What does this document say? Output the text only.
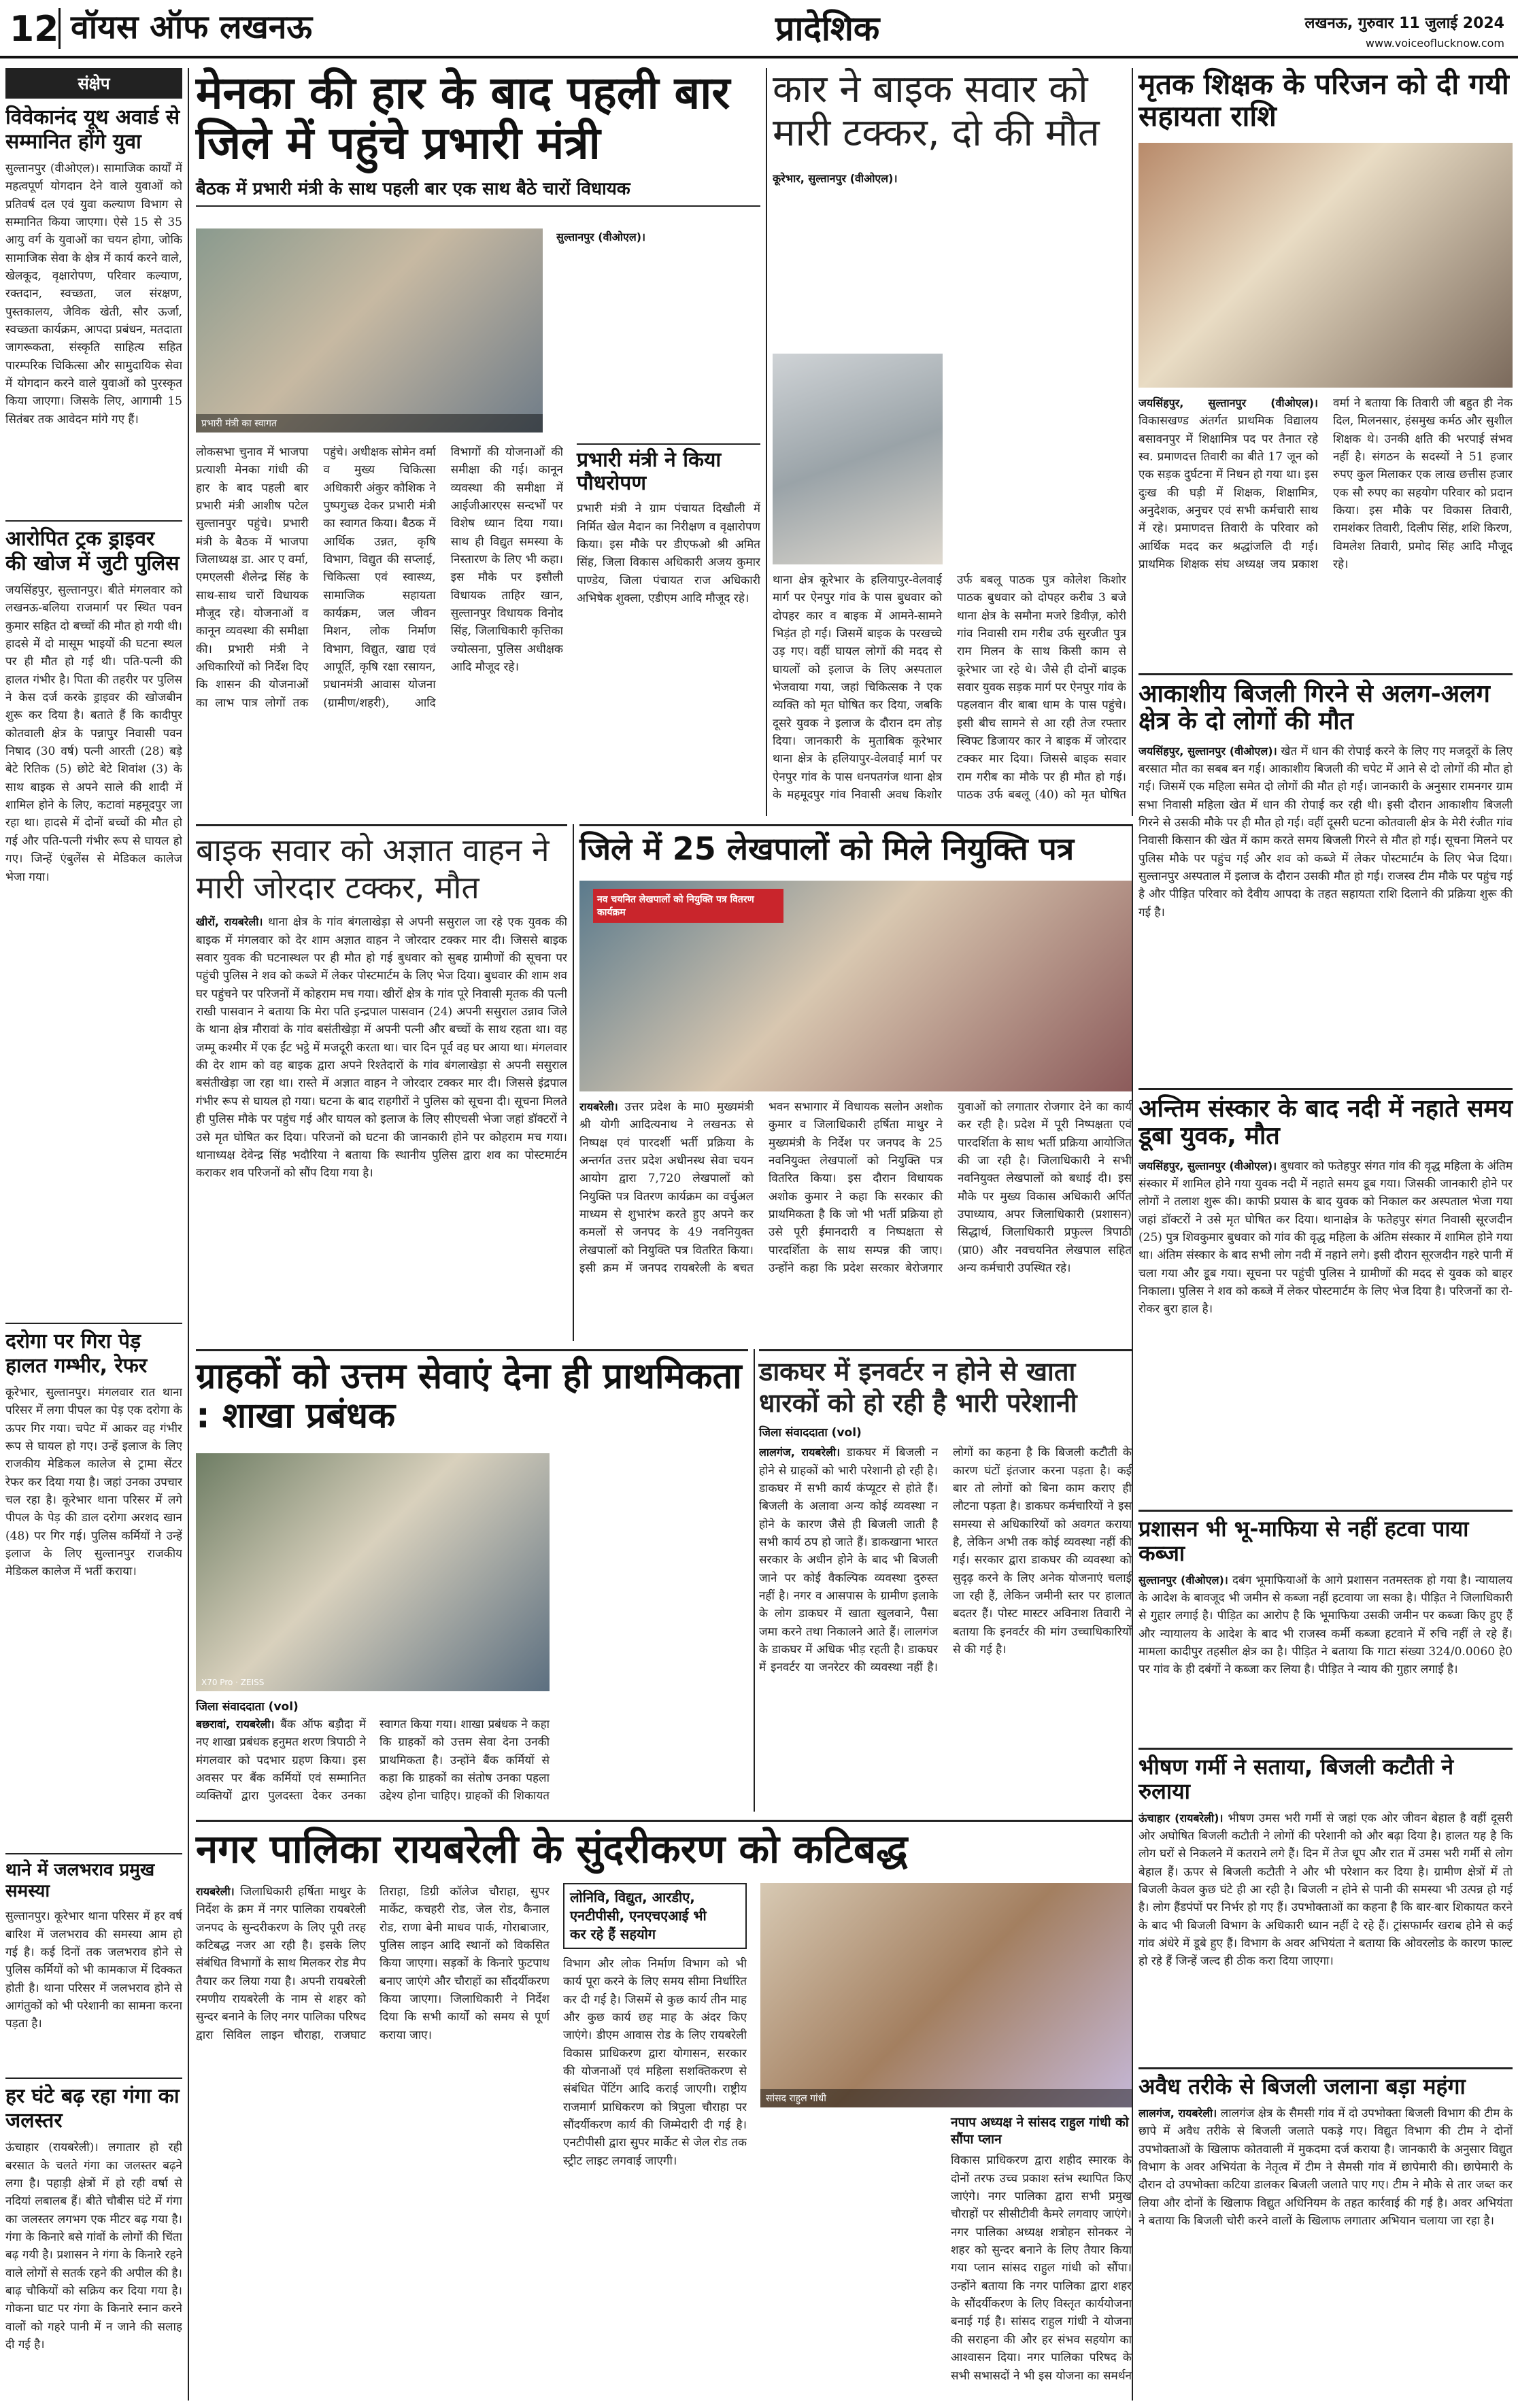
12 वॉयस ऑफ लखनऊ	प्रादेशिक	लखनऊ, गुरुवार 11 जुलाई 2024
www.voiceoflucknow.com
संक्षेप
विवेकानंद यूथ अवार्ड से सम्मानित होंगे युवा
सुल्तानपुर (वीओएल)। सामाजिक कार्यों में महत्वपूर्ण योगदान देने वाले युवाओं को प्रतिवर्ष दल एवं युवा कल्याण विभाग से सम्मानित किया जाएगा। ऐसे 15 से 35 आयु वर्ग के युवाओं का चयन होगा, जोकि सामाजिक सेवा के क्षेत्र में कार्य करने वाले, खेलकूद, वृक्षारोपण, परिवार कल्याण, रक्तदान, स्वच्छता, जल संरक्षण, पुस्तकालय, जैविक खेती, सौर ऊर्जा, स्वच्छता कार्यक्रम, आपदा प्रबंधन, मतदाता जागरूकता, संस्कृति साहित्य सहित पारम्परिक चिकित्सा और सामुदायिक सेवा में योगदान करने वाले युवाओं को पुरस्कृत किया जाएगा। जिसके लिए, आगामी 15 सितंबर तक आवेदन मांगे गए हैं।
आरोपित ट्रक ड्राइवर की खोज में जुटी पुलिस
जयसिंहपुर, सुल्तानपुर। बीते मंगलवार को लखनऊ-बलिया राजमार्ग पर स्थित पवन कुमार सहित दो बच्चों की मौत हो गयी थी। हादसे में दो मासूम भाइयों की घटना स्थल पर ही मौत हो गई थी। पति-पत्नी की हालत गंभीर है। पिता की तहरीर पर पुलिस ने केस दर्ज करके ड्राइवर की खोजबीन शुरू कर दिया है। बताते हैं कि कादीपुर कोतवाली क्षेत्र के पन्नापुर निवासी पवन निषाद (30 वर्ष) पत्नी आरती (28) बड़े बेटे रितिक (5) छोटे बेटे शिवांश (3) के साथ बाइक से अपने साले की शादी में शामिल होने के लिए, कटावां महमूदपुर जा रहा था। हादसे में दोनों बच्चों की मौत हो गई और पति-पत्नी गंभीर रूप से घायल हो गए। जिन्हें एंबुलेंस से मेडिकल कालेज भेजा गया।
दरोगा पर गिरा पेड़ हालत गम्भीर, रेफर
कूरेभार, सुल्तानपुर। मंगलवार रात थाना परिसर में लगा पीपल का पेड़ एक दरोगा के ऊपर गिर गया। चपेट में आकर वह गंभीर रूप से घायल हो गए। उन्हें इलाज के लिए राजकीय मेडिकल कालेज से ट्रामा सेंटर रेफर कर दिया गया है। जहां उनका उपचार चल रहा है। कूरेभार थाना परिसर में लगे पीपल के पेड़ की डाल दरोगा अरशद खान (48) पर गिर गई। पुलिस कर्मियों ने उन्हें इलाज के लिए सुल्तानपुर राजकीय मेडिकल कालेज में भर्ती कराया।
थाने में जलभराव प्रमुख समस्या
सुल्तानपुर। कूरेभार थाना परिसर में हर वर्ष बारिश में जलभराव की समस्या आम हो गई है। कई दिनों तक जलभराव होने से पुलिस कर्मियों को भी कामकाज में दिक्कत होती है। थाना परिसर में जलभराव होने से आगंतुकों को भी परेशानी का सामना करना पड़ता है।
हर घंटे बढ़ रहा गंगा का जलस्तर
ऊंचाहार (रायबरेली)। लगातार हो रही बरसात के चलते गंगा का जलस्तर बढ़ने लगा है। पहाड़ी क्षेत्रों में हो रही वर्षा से नदियां लबालब हैं। बीते चौबीस घंटे में गंगा का जलस्तर लगभग एक मीटर बढ़ गया है। गंगा के किनारे बसे गांवों के लोगों की चिंता बढ़ गयी है। प्रशासन ने गंगा के किनारे रहने वाले लोगों से सतर्क रहने की अपील की है। बाढ़ चौकियों को सक्रिय कर दिया गया है। गोकना घाट पर गंगा के किनारे स्नान करने वालों को गहरे पानी में न जाने की सलाह दी गई है।
मेनका की हार के बाद पहली बार जिले में पहुंचे प्रभारी मंत्री
बैठक में प्रभारी मंत्री के साथ पहली बार एक साथ बैठे चारों विधायक
प्रभारी मंत्री का स्वागत
सुल्तानपुर (वीओएल)।
लोकसभा चुनाव में भाजपा प्रत्याशी मेनका गांधी की हार के बाद पहली बार प्रभारी मंत्री आशीष पटेल सुल्तानपुर पहुंचे। प्रभारी मंत्री के बैठक में भाजपा जिलाध्यक्ष डा. आर ए वर्मा, एमएलसी शैलेन्द्र सिंह के साथ-साथ चारों विधायक मौजूद रहे। योजनाओं व कानून व्यवस्था की समीक्षा की। प्रभारी मंत्री ने अधिकारियों को निर्देश दिए कि शासन की योजनाओं का लाभ पात्र लोगों तक पहुंचे। अधीक्षक सोमेन वर्मा व मुख्य चिकित्सा अधिकारी अंकुर कौशिक ने पुष्पगुच्छ देकर प्रभारी मंत्री का स्वागत किया। बैठक में आर्थिक उन्नत, कृषि विभाग, विद्युत की सप्लाई, चिकित्सा एवं स्वास्थ्य, सामाजिक सहायता कार्यक्रम, जल जीवन मिशन, लोक निर्माण विभाग, विद्युत, खाद्य एवं आपूर्ति, कृषि रक्षा रसायन, प्रधानमंत्री आवास योजना (ग्रामीण/शहरी), आदि विभागों की योजनाओं की समीक्षा की गई। कानून व्यवस्था की समीक्षा में आईजीआरएस सन्दर्भों पर विशेष ध्यान दिया गया। साथ ही विद्युत समस्या के निस्तारण के लिए भी कहा। इस मौके पर इसौली विधायक ताहिर खान, सुल्तानपुर विधायक विनोद सिंह, जिलाधिकारी कृत्तिका ज्योत्सना, पुलिस अधीक्षक आदि मौजूद रहे।
प्रभारी मंत्री ने किया पौधरोपण
प्रभारी मंत्री ने ग्राम पंचायत दिखौली में निर्मित खेल मैदान का निरीक्षण व वृक्षारोपण किया। इस मौके पर डीएफओ श्री अमित सिंह, जिला विकास अधिकारी अजय कुमार पाण्डेय, जिला पंचायत राज अधिकारी अभिषेक शुक्ला, एडीएम आदि मौजूद रहे।
कार ने बाइक सवार को मारी टक्कर, दो की मौत
कूरेभार, सुल्तानपुर (वीओएल)।
थाना क्षेत्र कूरेभार के हलियापुर-वेलवाई मार्ग पर ऐनपुर गांव के पास बुधवार को दोपहर कार व बाइक में आमने-सामने भिड़ंत हो गई। जिसमें बाइक के परखच्चे उड़ गए। वहीं घायल लोगों की मदद से घायलों को इलाज के लिए अस्पताल भेजवाया गया, जहां चिकित्सक ने एक व्यक्ति को मृत घोषित कर दिया, जबकि दूसरे युवक ने इलाज के दौरान दम तोड़ दिया। जानकारी के मुताबिक कूरेभार थाना क्षेत्र के हलियापुर-वेलवाई मार्ग पर ऐनपुर गांव के पास धनपतगंज थाना क्षेत्र के महमूदपुर गांव निवासी अवध किशोर उर्फ बबलू पाठक पुत्र कोलेश किशोर पाठक बुधवार को दोपहर करीब 3 बजे थाना क्षेत्र के समौना मजरे डिवीज़, कोरी गांव निवासी राम गरीब उर्फ सुरजीत पुत्र राम मिलन के साथ किसी काम से कूरेभार जा रहे थे। जैसे ही दोनों बाइक सवार युवक सड़क मार्ग पर ऐनपुर गांव के पहलवान वीर बाबा धाम के पास पहुंचे। इसी बीच सामने से आ रही तेज रफ्तार स्विफ्ट डिजायर कार ने बाइक में जोरदार टक्कर मार दिया। जिससे बाइक सवार राम गरीब का मौके पर ही मौत हो गई। पाठक उर्फ बबलू (40) को मृत घोषित
मृतक शिक्षक के परिजन को दी गयी सहायता राशि
जयसिंहपुर, सुल्तानपुर (वीओएल)। विकासखण्ड अंतर्गत प्राथमिक विद्यालय बसावनपुर में शिक्षामित्र पद पर तैनात रहे स्व. प्रमाणदत्त तिवारी का बीते 17 जून को एक सड़क दुर्घटना में निधन हो गया था। इस दुःख की घड़ी में शिक्षक, शिक्षामित्र, अनुदेशक, अनुचर एवं सभी कर्मचारी साथ में रहे। प्रमाणदत्त तिवारी के परिवार को आर्थिक मदद कर श्रद्धांजलि दी गई। प्राथमिक शिक्षक संघ अध्यक्ष जय प्रकाश वर्मा ने बताया कि तिवारी जी बहुत ही नेक दिल, मिलनसार, हंसमुख कर्मठ और सुशील शिक्षक थे। उनकी क्षति की भरपाई संभव नहीं है। संगठन के सदस्यों ने 51 हजार रुपए कुल मिलाकर एक लाख छत्तीस हजार एक सौ रुपए का सहयोग परिवार को प्रदान किया। इस मौके पर विकास तिवारी, रामशंकर तिवारी, दिलीप सिंह, शशि किरण, विमलेश तिवारी, प्रमोद सिंह आदि मौजूद रहे।
आकाशीय बिजली गिरने से अलग-अलग क्षेत्र के दो लोगों की मौत
जयसिंहपुर, सुल्तानपुर (वीओएल)। खेत में धान की रोपाई करने के लिए गए मजदूरों के लिए बरसात मौत का सबब बन गई। आकाशीय बिजली की चपेट में आने से दो लोगों की मौत हो गई। जिसमें एक महिला समेत दो लोगों की मौत हो गई। जानकारी के अनुसार रामनगर ग्राम सभा निवासी महिला खेत में धान की रोपाई कर रही थी। इसी दौरान आकाशीय बिजली गिरने से उसकी मौके पर ही मौत हो गई। वहीं दूसरी घटना कोतवाली क्षेत्र के मेरी रंजीत गांव निवासी किसान की खेत में काम करते समय बिजली गिरने से मौत हो गई। सूचना मिलने पर पुलिस मौके पर पहुंच गई और शव को कब्जे में लेकर पोस्टमार्टम के लिए भेज दिया। सुल्तानपुर अस्पताल में इलाज के दौरान उसकी मौत हो गई। राजस्व टीम मौके पर पहुंच गई है और पीड़ित परिवार को दैवीय आपदा के तहत सहायता राशि दिलाने की प्रक्रिया शुरू की गई है।
बाइक सवार को अज्ञात वाहन ने मारी जोरदार टक्कर, मौत
खीरों, रायबरेली। थाना क्षेत्र के गांव बंगलाखेड़ा से अपनी ससुराल जा रहे एक युवक की बाइक में मंगलवार को देर शाम अज्ञात वाहन ने जोरदार टक्कर मार दी। जिससे बाइक सवार युवक की घटनास्थल पर ही मौत हो गई बुधवार को सुबह ग्रामीणों की सूचना पर पहुंची पुलिस ने शव को कब्जे में लेकर पोस्टमार्टम के लिए भेज दिया। बुधवार की शाम शव घर पहुंचने पर परिजनों में कोहराम मच गया। खीरों क्षेत्र के गांव पूरे निवासी मृतक की पत्नी राखी पासवान ने बताया कि मेरा पति इन्द्रपाल पासवान (24) अपनी ससुराल उन्नाव जिले के थाना क्षेत्र मौरावां के गांव बसंतीखेड़ा में अपनी पत्नी और बच्चों के साथ रहता था। वह जम्मू कश्मीर में एक ईंट भट्ठे में मजदूरी करता था। चार दिन पूर्व वह घर आया था। मंगलवार की देर शाम को वह बाइक द्वारा अपने रिश्तेदारों के गांव बंगलाखेड़ा से अपनी ससुराल बसंतीखेड़ा जा रहा था। रास्ते में अज्ञात वाहन ने जोरदार टक्कर मार दी। जिससे इंद्रपाल गंभीर रूप से घायल हो गया। घटना के बाद राहगीरों ने पुलिस को सूचना दी। सूचना मिलते ही पुलिस मौके पर पहुंच गई और घायल को इलाज के लिए सीएचसी भेजा जहां डॉक्टरों ने उसे मृत घोषित कर दिया। परिजनों को घटना की जानकारी होने पर कोहराम मच गया। थानाध्यक्ष देवेन्द्र सिंह भदौरिया ने बताया कि स्थानीय पुलिस द्वारा शव का पोस्टमार्टम कराकर शव परिजनों को सौंप दिया गया है।
जिले में 25 लेखपालों को मिले नियुक्ति पत्र
नव चयनित लेखपालों को नियुक्ति पत्र वितरण कार्यक्रम
रायबरेली। उत्तर प्रदेश के मा0 मुख्यमंत्री श्री योगी आदित्यनाथ ने लखनऊ से निष्पक्ष एवं पारदर्शी भर्ती प्रक्रिया के अन्तर्गत उत्तर प्रदेश अधीनस्थ सेवा चयन आयोग द्वारा 7,720 लेखपालों को नियुक्ति पत्र वितरण कार्यक्रम का वर्चुअल माध्यम से शुभारंभ करते हुए अपने कर कमलों से जनपद के 49 नवनियुक्त लेखपालों को नियुक्ति पत्र वितरित किया। इसी क्रम में जनपद रायबरेली के बचत भवन सभागार में विधायक सलोन अशोक कुमार व जिलाधिकारी हर्षिता माथुर ने मुख्यमंत्री के निर्देश पर जनपद के 25 नवनियुक्त लेखपालों को नियुक्ति पत्र वितरित किया। इस दौरान विधायक अशोक कुमार ने कहा कि सरकार की प्राथमिकता है कि जो भी भर्ती प्रक्रिया हो उसे पूरी ईमानदारी व निष्पक्षता से पारदर्शिता के साथ सम्पन्न की जाए। उन्होंने कहा कि प्रदेश सरकार बेरोजगार युवाओं को लगातार रोजगार देने का कार्य कर रही है। प्रदेश में पूरी निष्पक्षता एवं पारदर्शिता के साथ भर्ती प्रक्रिया आयोजित की जा रही है। जिलाधिकारी ने सभी नवनियुक्त लेखपालों को बधाई दी। इस मौके पर मुख्य विकास अधिकारी अर्पित उपाध्याय, अपर जिलाधिकारी (प्रशासन) सिद्धार्थ, जिलाधिकारी प्रफुल्ल त्रिपाठी (प्रा0) और नवचयनित लेखपाल सहित अन्य कर्मचारी उपस्थित रहे।
अन्तिम संस्कार के बाद नदी में नहाते समय डूबा युवक, मौत
जयसिंहपुर, सुल्तानपुर (वीओएल)। बुधवार को फतेहपुर संगत गांव की वृद्ध महिला के अंतिम संस्कार में शामिल होने गया युवक नदी में नहाते समय डूब गया। जिसकी जानकारी होने पर लोगों ने तलाश शुरू की। काफी प्रयास के बाद युवक को निकाल कर अस्पताल भेजा गया जहां डॉक्टरों ने उसे मृत घोषित कर दिया। थानाक्षेत्र के फतेहपुर संगत निवासी सूरजदीन (25) पुत्र शिवकुमार बुधवार को गांव की वृद्ध महिला के अंतिम संस्कार में शामिल होने गया था। अंतिम संस्कार के बाद सभी लोग नदी में नहाने लगे। इसी दौरान सूरजदीन गहरे पानी में चला गया और डूब गया। सूचना पर पहुंची पुलिस ने ग्रामीणों की मदद से युवक को बाहर निकाला। पुलिस ने शव को कब्जे में लेकर पोस्टमार्टम के लिए भेज दिया है। परिजनों का रो-रोकर बुरा हाल है।
ग्राहकों को उत्तम सेवाएं देना ही प्राथमिकता : शाखा प्रबंधक
X70 Pro · ZEISS
जिला संवाददाता (vol)
बछरावां, रायबरेली। बैंक ऑफ बड़ौदा में नए शाखा प्रबंधक हनुमत शरण त्रिपाठी ने मंगलवार को पदभार ग्रहण किया। इस अवसर पर बैंक कर्मियों एवं सम्मानित व्यक्तियों द्वारा पुलदस्ता देकर उनका स्वागत किया गया। शाखा प्रबंधक ने कहा कि ग्राहकों को उत्तम सेवा देना उनकी प्राथमिकता है। उन्होंने बैंक कर्मियों से कहा कि ग्राहकों का संतोष उनका पहला उद्देश्य होना चाहिए। ग्राहकों की शिकायत
डाकघर में इनवर्टर न होने से खाता धारकों को हो रही है भारी परेशानी
जिला संवाददाता (vol)
लालगंज, रायबरेली। डाकघर में बिजली न होने से ग्राहकों को भारी परेशानी हो रही है। डाकघर में सभी कार्य कंप्यूटर से होते हैं। बिजली के अलावा अन्य कोई व्यवस्था न होने के कारण जैसे ही बिजली जाती है सभी कार्य ठप हो जाते हैं। डाकखाना भारत सरकार के अधीन होने के बाद भी बिजली जाने पर कोई वैकल्पिक व्यवस्था दुरुस्त नहीं है। नगर व आसपास के ग्रामीण इलाके के लोग डाकघर में खाता खुलवाने, पैसा जमा करने तथा निकालने आते हैं। लालगंज के डाकघर में अधिक भीड़ रहती है। डाकघर में इनवर्टर या जनरेटर की व्यवस्था नहीं है। लोगों का कहना है कि बिजली कटौती के कारण घंटों इंतजार करना पड़ता है। कई बार तो लोगों को बिना काम कराए ही लौटना पड़ता है। डाकघर कर्मचारियों ने इस समस्या से अधिकारियों को अवगत कराया है, लेकिन अभी तक कोई व्यवस्था नहीं की गई। सरकार द्वारा डाकघर की व्यवस्था को सुदृढ़ करने के लिए अनेक योजनाएं चलाई जा रही हैं, लेकिन जमीनी स्तर पर हालात बदतर हैं। पोस्ट मास्टर अविनाश तिवारी ने बताया कि इनवर्टर की मांग उच्चाधिकारियों से की गई है।
प्रशासन भी भू-माफिया से नहीं हटवा पाया कब्जा
सुल्तानपुर (वीओएल)। दबंग भूमाफियाओं के आगे प्रशासन नतमस्तक हो गया है। न्यायालय के आदेश के बावजूद भी जमीन से कब्जा नहीं हटवाया जा सका है। पीड़ित ने जिलाधिकारी से गुहार लगाई है। पीड़ित का आरोप है कि भूमाफिया उसकी जमीन पर कब्जा किए हुए हैं और न्यायालय के आदेश के बाद भी राजस्व कर्मी कब्जा हटवाने में रुचि नहीं ले रहे हैं। मामला कादीपुर तहसील क्षेत्र का है। पीड़ित ने बताया कि गाटा संख्या 324/0.0060 हे0 पर गांव के ही दबंगों ने कब्जा कर लिया है। पीड़ित ने न्याय की गुहार लगाई है।
भीषण गर्मी ने सताया, बिजली कटौती ने रुलाया
ऊंचाहार (रायबरेली)। भीषण उमस भरी गर्मी से जहां एक ओर जीवन बेहाल है वहीं दूसरी ओर अघोषित बिजली कटौती ने लोगों की परेशानी को और बढ़ा दिया है। हालत यह है कि लोग घरों से निकलने में कतराने लगे हैं। दिन में तेज धूप और रात में उमस भरी गर्मी से लोग बेहाल हैं। ऊपर से बिजली कटौती ने और भी परेशान कर दिया है। ग्रामीण क्षेत्रों में तो बिजली केवल कुछ घंटे ही आ रही है। बिजली न होने से पानी की समस्या भी उत्पन्न हो गई है। लोग हैंडपंपों पर निर्भर हो गए हैं। उपभोक्ताओं का कहना है कि बार-बार शिकायत करने के बाद भी बिजली विभाग के अधिकारी ध्यान नहीं दे रहे हैं। ट्रांसफार्मर खराब होने से कई गांव अंधेरे में डूबे हुए हैं। विभाग के अवर अभियंता ने बताया कि ओवरलोड के कारण फाल्ट हो रहे हैं जिन्हें जल्द ही ठीक करा दिया जाएगा।
अवैध तरीके से बिजली जलाना बड़ा महंगा
लालगंज, रायबरेली। लालगंज क्षेत्र के सैमसी गांव में दो उपभोक्ता बिजली विभाग की टीम के छापे में अवैध तरीके से बिजली जलाते पकड़े गए। विद्युत विभाग की टीम ने दोनों उपभोक्ताओं के खिलाफ कोतवाली में मुकदमा दर्ज कराया है। जानकारी के अनुसार विद्युत विभाग के अवर अभियंता के नेतृत्व में टीम ने सैमसी गांव में छापेमारी की। छापेमारी के दौरान दो उपभोक्ता कटिया डालकर बिजली जलाते पाए गए। टीम ने मौके से तार जब्त कर लिया और दोनों के खिलाफ विद्युत अधिनियम के तहत कार्रवाई की गई है। अवर अभियंता ने बताया कि बिजली चोरी करने वालों के खिलाफ लगातार अभियान चलाया जा रहा है।
नगर पालिका रायबरेली के सुंदरीकरण को कटिबद्ध
रायबरेली। जिलाधिकारी हर्षिता माथुर के निर्देश के क्रम में नगर पालिका रायबरेली जनपद के सुन्दरीकरण के लिए पूरी तरह कटिबद्ध नजर आ रही है। इसके लिए संबंधित विभागों के साथ मिलकर रोड मैप तैयार कर लिया गया है। अपनी रायबरेली रमणीय रायबरेली के नाम से शहर को सुन्दर बनाने के लिए नगर पालिका परिषद द्वारा सिविल लाइन चौराहा, राजघाट तिराहा, डिग्री कॉलेज चौराहा, सुपर मार्केट, कचहरी रोड, जेल रोड, कैनाल रोड, राणा बेनी माधव पार्क, गोराबाजार, पुलिस लाइन आदि स्थानों को विकसित किया जाएगा। सड़कों के किनारे फुटपाथ बनाए जाएंगे और चौराहों का सौंदर्यीकरण किया जाएगा। जिलाधिकारी ने निर्देश दिया कि सभी कार्यों को समय से पूर्ण कराया जाए।
लोनिवि, विद्युत, आरडीए,
एनटीपीसी, एनएचएआई भी
कर रहे हैं सहयोग
विभाग और लोक निर्माण विभाग को भी कार्य पूरा करने के लिए समय सीमा निर्धारित कर दी गई है। जिसमें से कुछ कार्य तीन माह और कुछ कार्य छह माह के अंदर किए जाएंगे। डीएम आवास रोड के लिए रायबरेली विकास प्राधिकरण द्वारा योगासन, सरकार की योजनाओं एवं महिला सशक्तिकरण से संबंधित पेंटिंग आदि कराई जाएगी। राष्ट्रीय राजमार्ग प्राधिकरण को त्रिपुला चौराहा पर सौंदर्यीकरण कार्य की जिम्मेदारी दी गई है। एनटीपीसी द्वारा सुपर मार्केट से जेल रोड तक स्ट्रीट लाइट लगवाई जाएगी।
सांसद राहुल गांधी
नपाप अध्यक्ष ने सांसद राहुल गांधी को सौंपा प्लान
विकास प्राधिकरण द्वारा शहीद स्मारक के दोनों तरफ उच्च प्रकाश स्तंभ स्थापित किए जाएंगे। नगर पालिका द्वारा सभी प्रमुख चौराहों पर सीसीटीवी कैमरे लगवाए जाएंगे। नगर पालिका अध्यक्ष शत्रोहन सोनकर ने शहर को सुन्दर बनाने के लिए तैयार किया गया प्लान सांसद राहुल गांधी को सौंपा। उन्होंने बताया कि नगर पालिका द्वारा शहर के सौंदर्यीकरण के लिए विस्तृत कार्ययोजना बनाई गई है। सांसद राहुल गांधी ने योजना की सराहना की और हर संभव सहयोग का आश्वासन दिया। नगर पालिका परिषद के सभी सभासदों ने भी इस योजना का समर्थन
